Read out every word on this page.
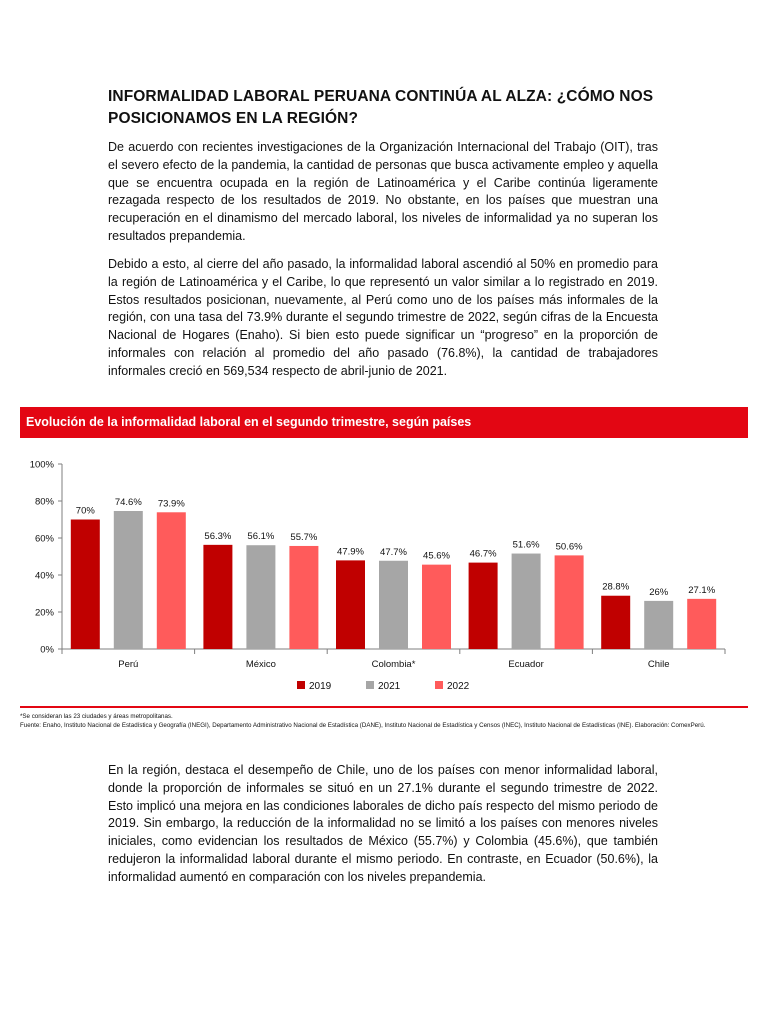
INFORMALIDAD LABORAL PERUANA CONTINÚA AL ALZA: ¿CÓMO NOS POSICIONAMOS EN LA REGIÓN?

De acuerdo con recientes investigaciones de la Organización Internacional del Trabajo (OIT), tras el severo efecto de la pandemia, la cantidad de personas que busca activamente empleo y aquella que se encuentra ocupada en la región de Latinoamérica y el Caribe continúa ligeramente rezagada respecto de los resultados de 2019. No obstante, en los países que muestran una recuperación en el dinamismo del mercado laboral, los niveles de informalidad ya no superan los resultados prepandemia.

Debido a esto, al cierre del año pasado, la informalidad laboral ascendió al 50% en promedio para la región de Latinoamérica y el Caribe, lo que representó un valor similar a lo registrado en 2019. Estos resultados posicionan, nuevamente, al Perú como uno de los países más informales de la región, con una tasa del 73.9% durante el segundo trimestre de 2022, según cifras de la Encuesta Nacional de Hogares (Enaho). Si bien esto puede significar un “progreso” en la proporción de informales con relación al promedio del año pasado (76.8%), la cantidad de trabajadores informales creció en 569,534 respecto de abril-junio de 2021.

Evolución de la informalidad laboral en el segundo trimestre, según países
0%
20%
40%
60%
80%
100%
Perú
70%
74.6% 73.9%
México
56.3% 56.1% 55.7%
Colombia*
47.9% 47.7% 45.6%
Ecuador
46.7%
51.6% 50.6%
Chile
28.8% 26% 27.1%
2019	2021	2022
*Se consideran las 23 ciudades y áreas metropolitanas.
Fuente: Enaho, Instituto Nacional de Estadística y Geografía (INEGI), Departamento Administrativo Nacional de Estadística (DANE), Instituto Nacional de Estadística y Censos (INEC), Instituto Nacional de Estadísticas (INE). Elaboración: ComexPerú.

En la región, destaca el desempeño de Chile, uno de los países con menor informalidad laboral, donde la proporción de informales se situó en un 27.1% durante el segundo trimestre de 2022. Esto implicó una mejora en las condiciones laborales de dicho país respecto del mismo periodo de 2019. Sin embargo, la reducción de la informalidad no se limitó a los países con menores niveles iniciales, como evidencian los resultados de México (55.7%) y Colombia (45.6%), que también redujeron la informalidad laboral durante el mismo periodo. En contraste, en Ecuador (50.6%), la informalidad aumentó en comparación con los niveles prepandemia.
